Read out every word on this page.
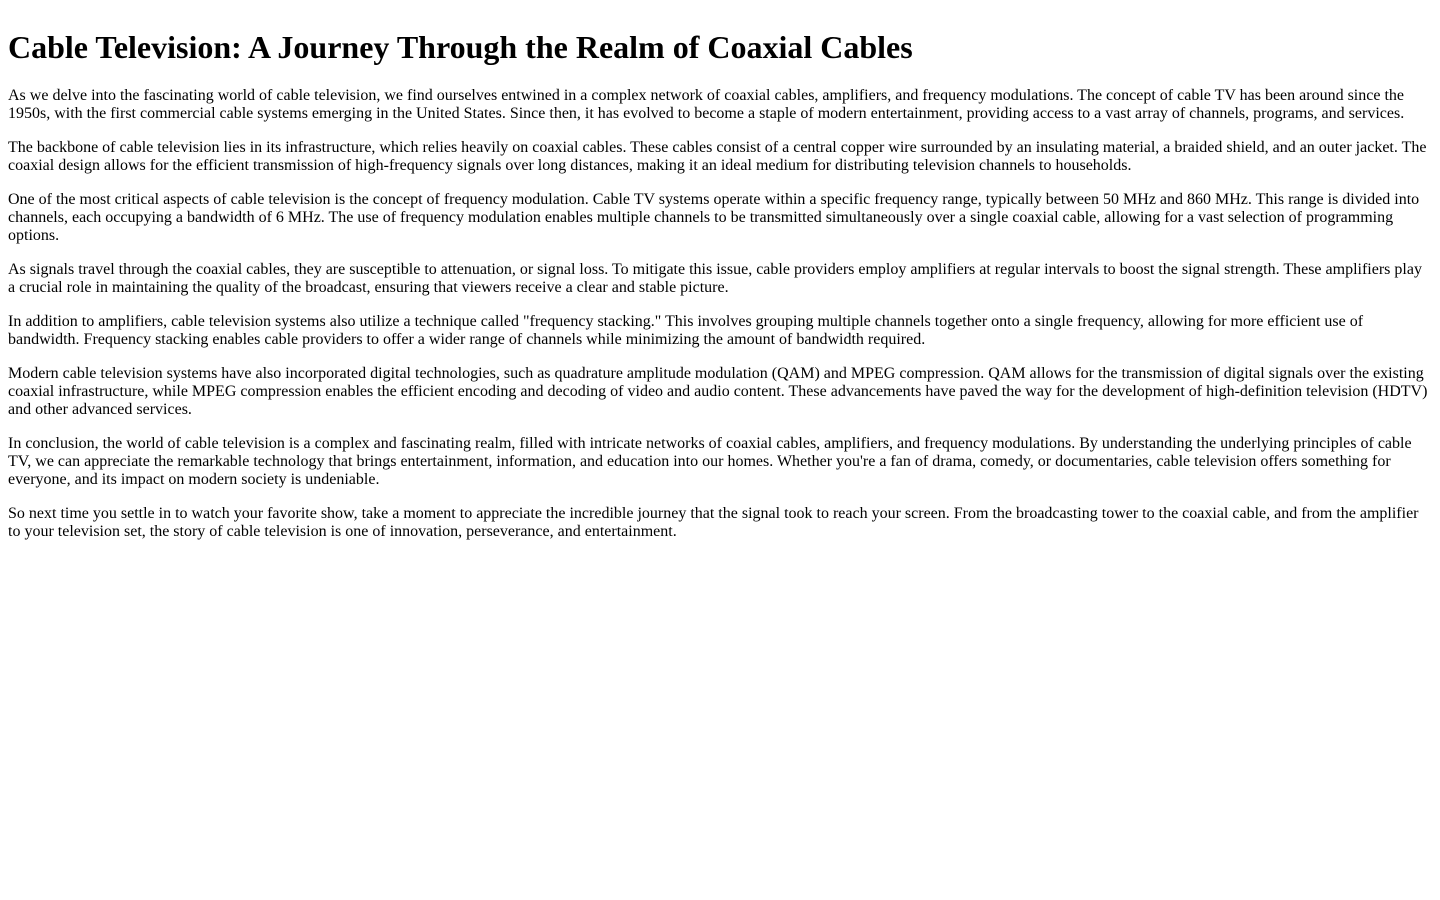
Cable Television: A Journey Through the Realm of Coaxial Cables

As we delve into the fascinating world of cable television, we find ourselves entwined in a complex network of coaxial cables, amplifiers, and frequency modulations. The concept of cable TV has been around since the 1950s, with the first commercial cable systems emerging in the United States. Since then, it has evolved to become a staple of modern entertainment, providing access to a vast array of channels, programs, and services.

The backbone of cable television lies in its infrastructure, which relies heavily on coaxial cables. These cables consist of a central copper wire surrounded by an insulating material, a braided shield, and an outer jacket. The coaxial design allows for the efficient transmission of high-frequency signals over long distances, making it an ideal medium for distributing television channels to households.

One of the most critical aspects of cable television is the concept of frequency modulation. Cable TV systems operate within a specific frequency range, typically between 50 MHz and 860 MHz. This range is divided into channels, each occupying a bandwidth of 6 MHz. The use of frequency modulation enables multiple channels to be transmitted simultaneously over a single coaxial cable, allowing for a vast selection of programming options.

As signals travel through the coaxial cables, they are susceptible to attenuation, or signal loss. To mitigate this issue, cable providers employ amplifiers at regular intervals to boost the signal strength. These amplifiers play a crucial role in maintaining the quality of the broadcast, ensuring that viewers receive a clear and stable picture.

In addition to amplifiers, cable television systems also utilize a technique called "frequency stacking." This involves grouping multiple channels together onto a single frequency, allowing for more efficient use of bandwidth. Frequency stacking enables cable providers to offer a wider range of channels while minimizing the amount of bandwidth required.

Modern cable television systems have also incorporated digital technologies, such as quadrature amplitude modulation (QAM) and MPEG compression. QAM allows for the transmission of digital signals over the existing coaxial infrastructure, while MPEG compression enables the efficient encoding and decoding of video and audio content. These advancements have paved the way for the development of high-definition television (HDTV) and other advanced services.

In conclusion, the world of cable television is a complex and fascinating realm, filled with intricate networks of coaxial cables, amplifiers, and frequency modulations. By understanding the underlying principles of cable TV, we can appreciate the remarkable technology that brings entertainment, information, and education into our homes. Whether you're a fan of drama, comedy, or documentaries, cable television offers something for everyone, and its impact on modern society is undeniable.

So next time you settle in to watch your favorite show, take a moment to appreciate the incredible journey that the signal took to reach your screen. From the broadcasting tower to the coaxial cable, and from the amplifier to your television set, the story of cable television is one of innovation, perseverance, and entertainment.
